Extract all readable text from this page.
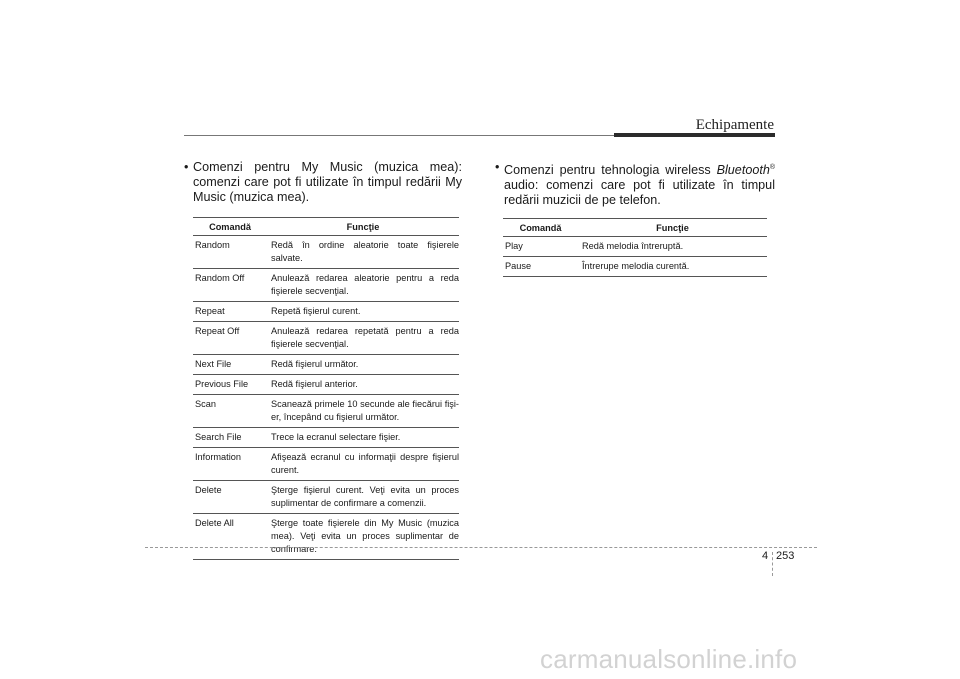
Echipamente
• Comenzi pentru My Music (muzica mea): comenzi care pot fi utilizate în timpul redării My Music (muzica mea).
Comandă	Funcţie
Random	Redă în ordine aleatorie toate fişierele salvate.
Random Off	Anulează redarea aleatorie pentru a reda fişierele secvenţial.
Repeat	Repetă fişierul curent.
Repeat Off	Anulează redarea repetată pentru a reda fişierele secvenţial.
Next File	Redă fişierul următor.
Previous File	Redă fişierul anterior.
Scan	Scanează primele 10 secunde ale fiecărui fişi-er, începând cu fişierul următor.
Search File	Trece la ecranul selectare fişier.
Information	Afişează ecranul cu informaţii despre fişierul curent.
Delete	Şterge fişierul curent. Veţi evita un proces suplimentar de confirmare a comenzii.
Delete All	Şterge toate fişierele din My Music (muzica mea). Veţi evita un proces suplimentar de confirmare.
• Comenzi pentru tehnologia wireless Bluetooth® audio: comenzi care pot fi utilizate în timpul redării muzicii de pe telefon.
Comandă	Funcţie
Play	Redă melodia întreruptă.
Pause	Întrerupe melodia curentă.
4 253
carmanualsonline.info
